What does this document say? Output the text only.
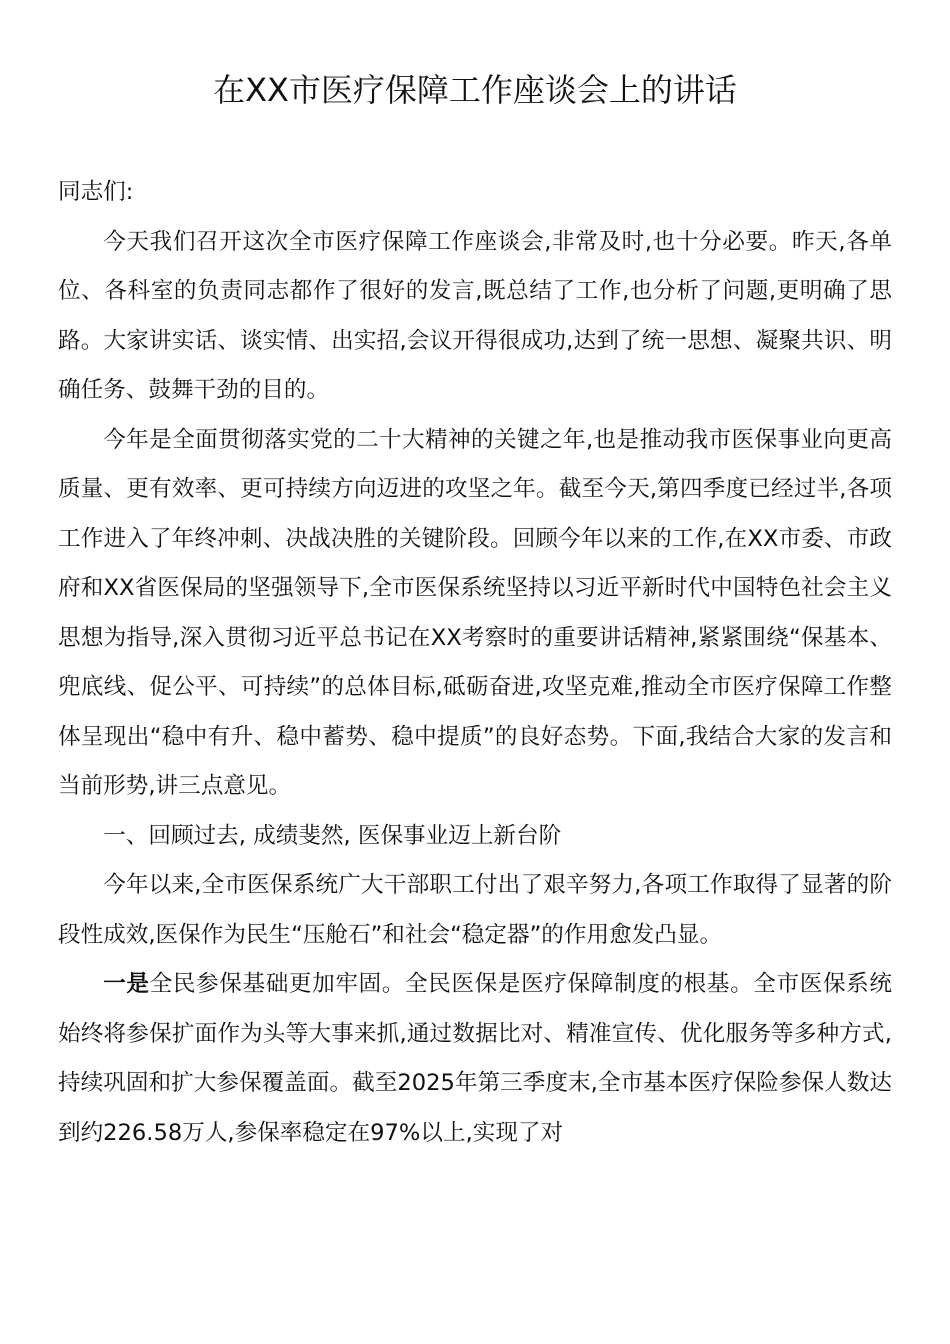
在XX市医疗保障工作座谈会上的讲话

同志们:

今天我们召开这次全市医疗保障工作座谈会,非常及时,也十分必要。昨天,各单位、各科室的负责同志都作了很好的发言,既总结了工作,也分析了问题,更明确了思路。大家讲实话、谈实情、出实招,会议开得很成功,达到了统一思想、凝聚共识、明确任务、鼓舞干劲的目的。

今年是全面贯彻落实党的二十大精神的关键之年,也是推动我市医保事业向更高质量、更有效率、更可持续方向迈进的攻坚之年。截至今天,第四季度已经过半,各项工作进入了年终冲刺、决战决胜的关键阶段。回顾今年以来的工作,在XX市委、市政府和XX省医保局的坚强领导下,全市医保系统坚持以习近平新时代中国特色社会主义思想为指导,深入贯彻习近平总书记在XX考察时的重要讲话精神,紧紧围绕“保基本、兜底线、促公平、可持续”的总体目标,砥砺奋进,攻坚克难,推动全市医疗保障工作整体呈现出“稳中有升、稳中蓄势、稳中提质”的良好态势。下面,我结合大家的发言和当前形势,讲三点意见。

一、回顾过去, 成绩斐然, 医保事业迈上新台阶

今年以来,全市医保系统广大干部职工付出了艰辛努力,各项工作取得了显著的阶段性成效,医保作为民生“压舱石”和社会“稳定器”的作用愈发凸显。

一是全民参保基础更加牢固。全民医保是医疗保障制度的根基。全市医保系统始终将参保扩面作为头等大事来抓,通过数据比对、精准宣传、优化服务等多种方式,持续巩固和扩大参保覆盖面。截至2025年第三季度末,全市基本医疗保险参保人数达到约226.58万人,参保率稳定在97%以上,实现了对
